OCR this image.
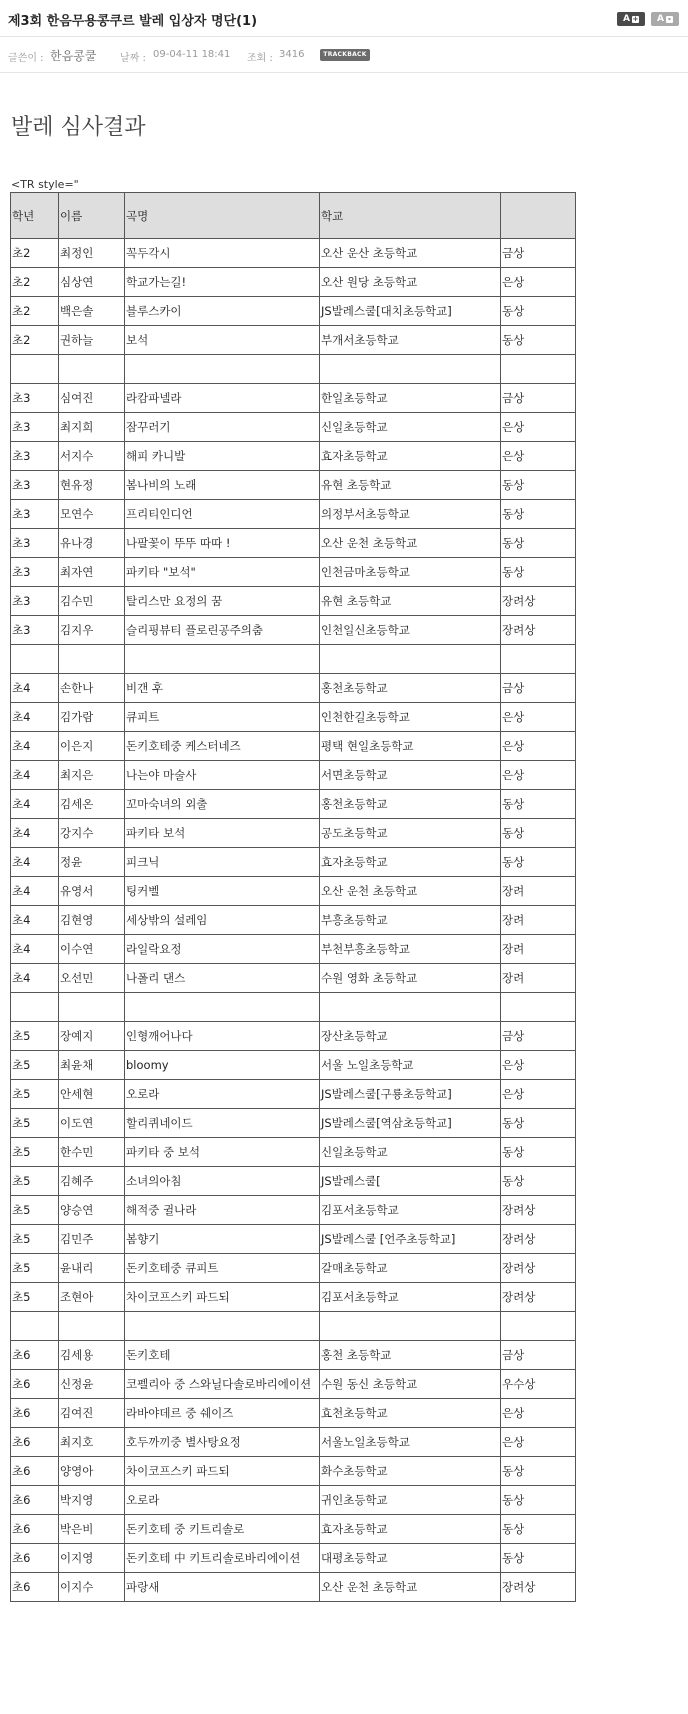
제3회 한음무용콩쿠르 발레 입상자 명단(1)	A + A -
글쓴이 : 한음콩쿨 날짜 : 09-04-11 18:41 조회 : 3416	TRACKBACK
발레 심사결과
<TR style="
학년	이름	곡명	학교	
초2	최정인	꼭두각시	오산 운산 초등학교	금상
초2	심상연	학교가는길!	오산 원당 초등학교	은상
초2	백은솔	블루스카이	JS발레스쿨[대치초등학교]	동상
초2	권하늘	보석	부개서초등학교	동상

초3	심여진	라캄파넬라	한일초등학교	금상
초3	최지희	잠꾸러기	신일초등학교	은상
초3	서지수	해피 카니발	효자초등학교	은상
초3	현유정	봄나비의 노래	유현 초등학교	동상
초3	모연수	프리티인디언	의정부서초등학교	동상
초3	유나경	나팔꽃이 뚜뚜 따따 !	오산 운천 초등학교	동상
초3	최자연	파키타 "보석"	인천금마초등학교	동상
초3	김수민	탈리스만 요정의 꿈	유현 초등학교	장려상
초3	김지우	슬리핑뷰티 플로린공주의춤	인천일신초등학교	장려상

초4	손한나	비갠 후	홍천초등학교	금상
초4	김가람	큐피트	인천한길초등학교	은상
초4	이은지	돈키호테중 케스터네즈	평택 현일초등학교	은상
초4	최지은	나는야 마술사	서면초등학교	은상
초4	김세온	꼬마숙녀의 외출	홍천초등학교	동상
초4	강지수	파키타 보석	공도초등학교	동상
초4	정윤	피크닉	효자초등학교	동상
초4	유영서	팅커벨	오산 운천 초등학교	장려
초4	김현영	세상밖의 설레임	부흥초등학교	장려
초4	이수연	라일락요정	부천부흥초등학교	장려
초4	오선민	나폴리 댄스	수원 영화 초등학교	장려

초5	장예지	인형깨어나다	장산초등학교	금상
초5	최윤채	bloomy	서울 노일초등학교	은상
초5	안세현	오로라	JS발레스쿨[구룡초등학교]	은상
초5	이도연	할리퀴네이드	JS발레스쿨[역삼초등학교]	동상
초5	한수민	파키타 중 보석	신일초등학교	동상
초5	김혜주	소녀의아침	JS발레스쿨[	동상
초5	양승연	해적중 귈나라	김포서초등학교	장려상
초5	김민주	봄향기	JS발레스쿨 [언주초등학교]	장려상
초5	윤내리	돈키호테중 큐피트	갈매초등학교	장려상
초5	조현아	차이코프스키 파드되	김포서초등학교	장려상

초6	김세용	돈키호테	홍천 초등학교	금상
초6	신정윤	코펠리아 중 스와닐다솔로바리에이션	수원 동신 초등학교	우수상
초6	김여진	라바야데르 중 쉐이즈	효천초등학교	은상
초6	최지호	호두까끼중 별사탕요정	서울노일초등학교	은상
초6	양영아	차이코프스키 파드되	화수초등학교	동상
초6	박지영	오로라	귀인초등학교	동상
초6	박은비	돈키호테 중 키트리솔로	효자초등학교	동상
초6	이지영	돈키호테 中 키트리솔로바리에이션	대평초등학교	동상
초6	이지수	파랑새	오산 운천 초등학교	장려상
